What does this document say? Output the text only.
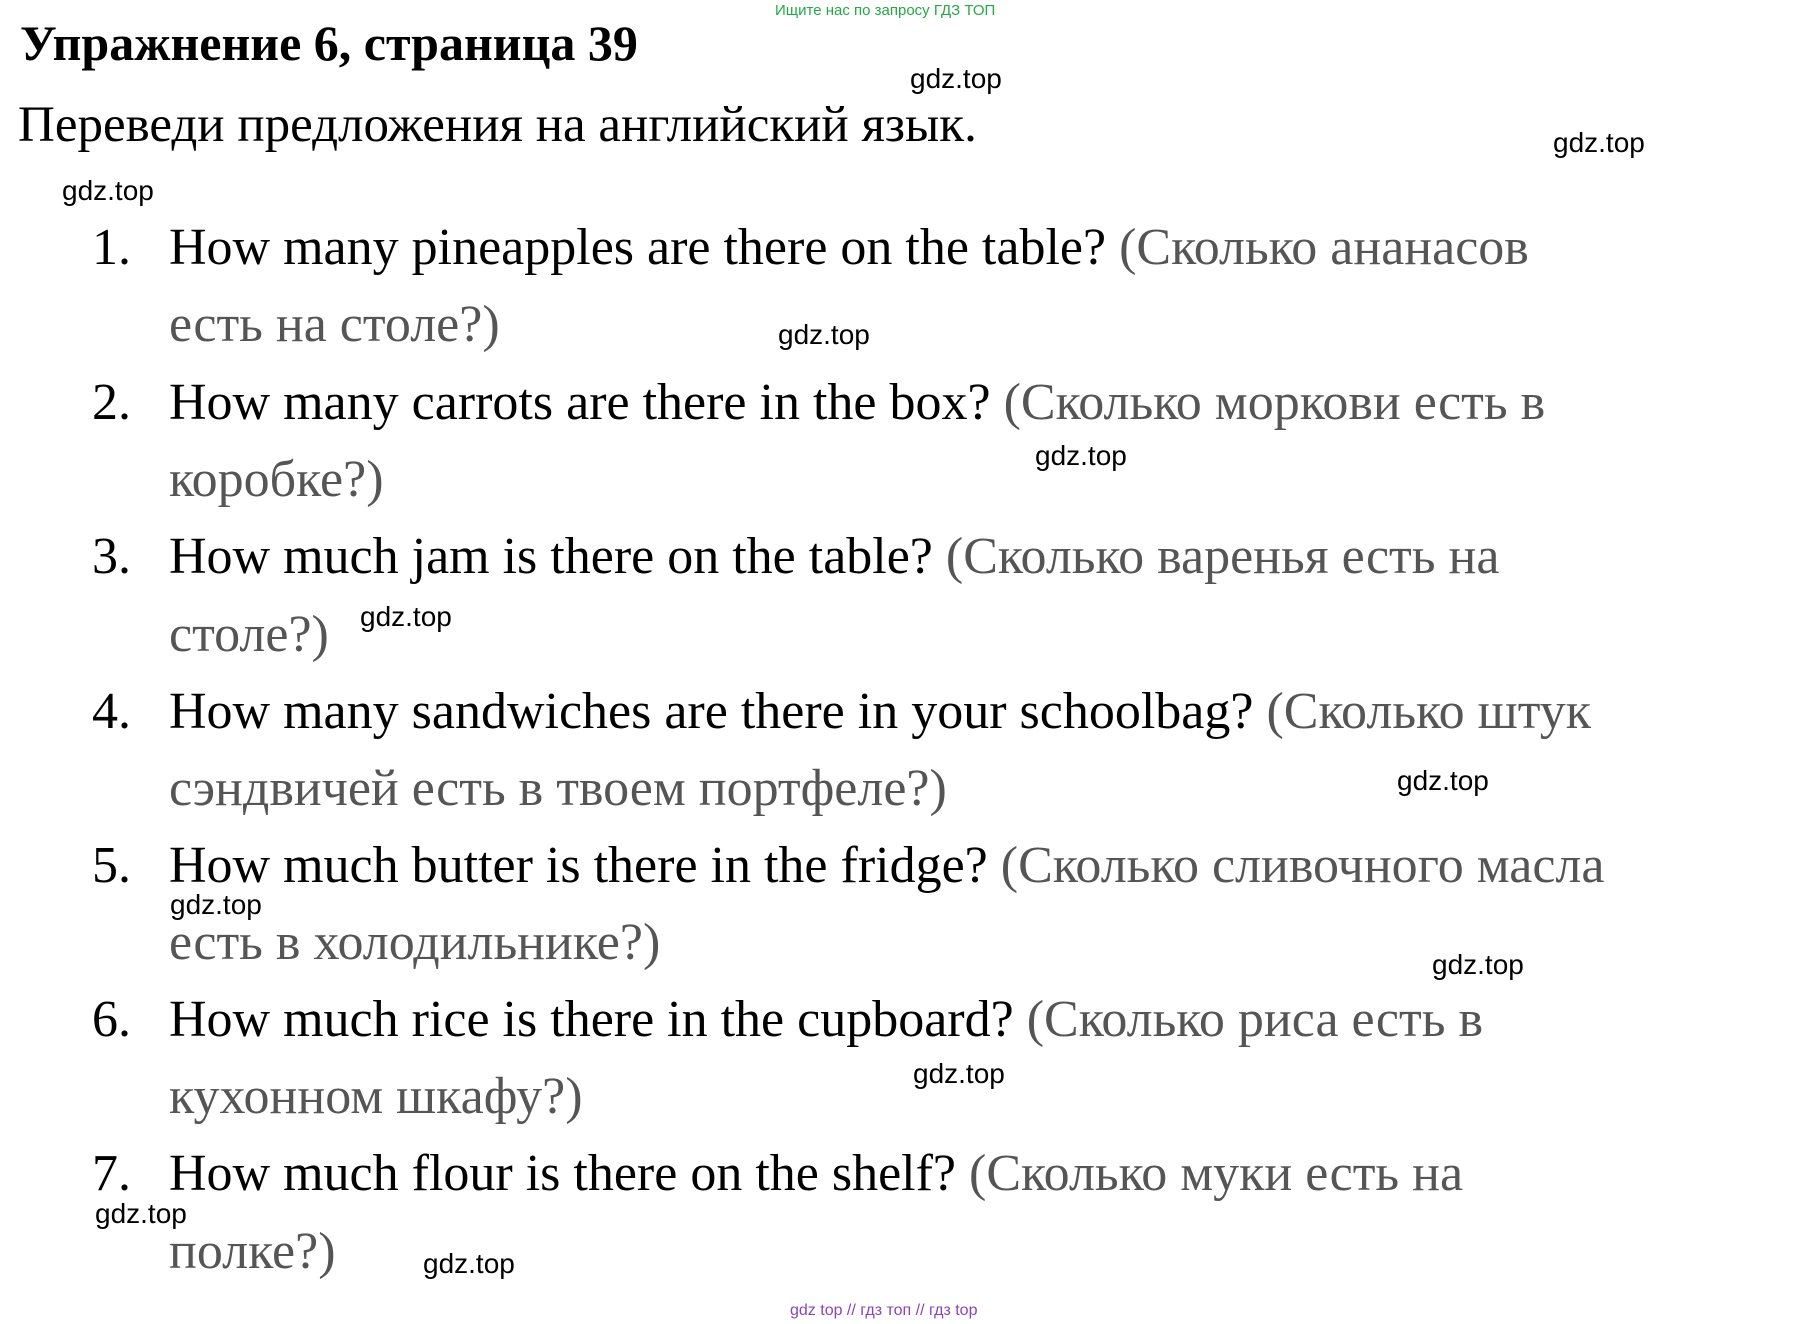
Ищите нас по запросу ГДЗ ТОП
Упражнение 6, страница 39
Переведи предложения на английский язык.
1. How many pineapples are there on the table? (Сколько ананасов
есть на столе?)
2. How many carrots are there in the box? (Сколько моркови есть в
коробке?)
3. How much jam is there on the table? (Сколько варенья есть на
столе?)
4. How many sandwiches are there in your schoolbag? (Сколько штук
сэндвичей есть в твоем портфеле?)
5. How much butter is there in the fridge? (Сколько сливочного масла
есть в холодильнике?)
6. How much rice is there in the cupboard? (Сколько риса есть в
кухонном шкафу?)
7. How much flour is there on the shelf? (Сколько муки есть на
полке?)
gdz.top
gdz.top
gdz.top
gdz.top
gdz.top
gdz.top
gdz.top
gdz.top
gdz.top
gdz.top
gdz.top
gdz.top
gdz top // гдз топ // гдз top
